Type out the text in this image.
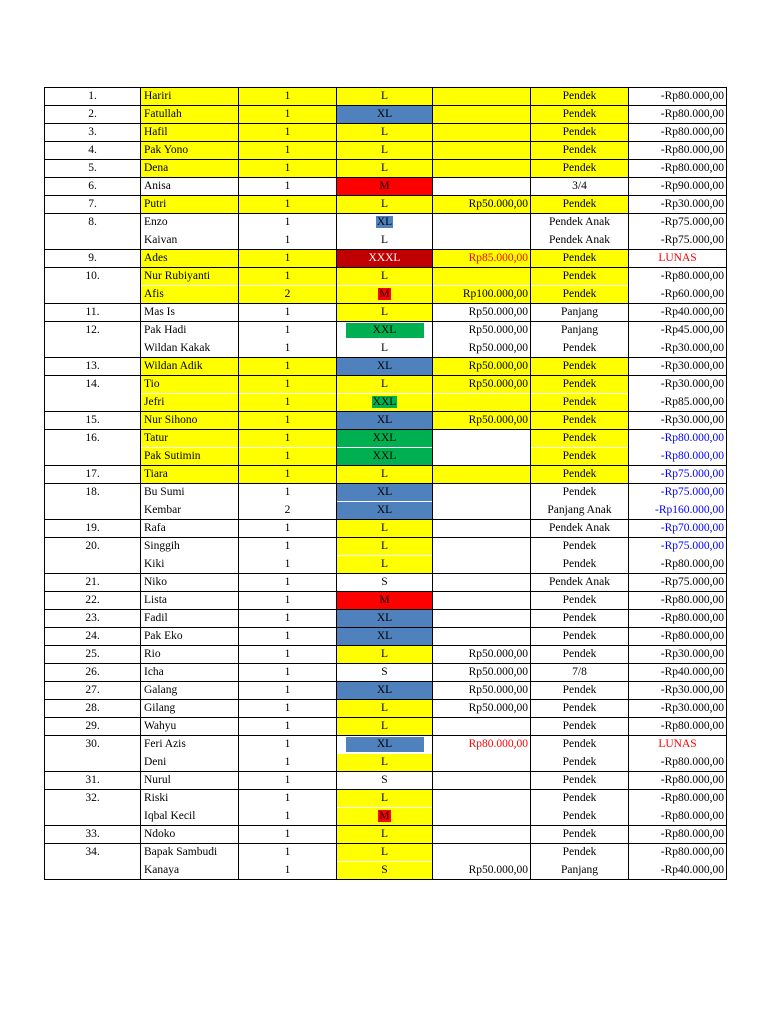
1.	Hariri	1	L		Pendek	-Rp80.000,00
2.	Fatullah	1	XL		Pendek	-Rp80.000,00
3.	Hafil	1	L		Pendek	-Rp80.000,00
4.	Pak Yono	1	L		Pendek	-Rp80.000,00
5.	Dena	1	L		Pendek	-Rp80.000,00
6.	Anisa	1	M		3/4	-Rp90.000,00
7.	Putri	1	L	Rp50.000,00	Pendek	-Rp30.000,00
8.	Enzo	1	XL		Pendek Anak	-Rp75.000,00
	Kaivan	1	L		Pendek Anak	-Rp75.000,00
9.	Ades	1	XXXL	Rp85.000,00	Pendek	LUNAS
10.	Nur Rubiyanti	1	L		Pendek	-Rp80.000,00
	Afis	2	M	Rp100.000,00	Pendek	-Rp60.000,00
11.	Mas Is	1	L	Rp50.000,00	Panjang	-Rp40.000,00
12.	Pak Hadi	1	XXL	Rp50.000,00	Panjang	-Rp45.000,00
	Wildan Kakak	1	L	Rp50.000,00	Pendek	-Rp30.000,00
13.	Wildan Adik	1	XL	Rp50.000,00	Pendek	-Rp30.000,00
14.	Tio	1	L	Rp50.000,00	Pendek	-Rp30.000,00
	Jefri	1	XXL		Pendek	-Rp85.000,00
15.	Nur Sihono	1	XL	Rp50.000,00	Pendek	-Rp30.000,00
16.	Tatur	1	XXL		Pendek	-Rp80.000,00
	Pak Sutimin	1	XXL		Pendek	-Rp80.000,00
17.	Tiara	1	L		Pendek	-Rp75.000,00
18.	Bu Sumi	1	XL		Pendek	-Rp75.000,00
	Kembar	2	XL		Panjang Anak	-Rp160.000,00
19.	Rafa	1	L		Pendek Anak	-Rp70.000,00
20.	Singgih	1	L		Pendek	-Rp75.000,00
	Kiki	1	L		Pendek	-Rp80.000,00
21.	Niko	1	S		Pendek Anak	-Rp75.000,00
22.	Lista	1	M		Pendek	-Rp80.000,00
23.	Fadil	1	XL		Pendek	-Rp80.000,00
24.	Pak Eko	1	XL		Pendek	-Rp80.000,00
25.	Rio	1	L	Rp50.000,00	Pendek	-Rp30.000,00
26.	Icha	1	S	Rp50.000,00	7/8	-Rp40.000,00
27.	Galang	1	XL	Rp50.000,00	Pendek	-Rp30.000,00
28.	Gilang	1	L	Rp50.000,00	Pendek	-Rp30.000,00
29.	Wahyu	1	L		Pendek	-Rp80.000,00
30.	Feri Azis	1	XL	Rp80.000,00	Pendek	LUNAS
	Deni	1	L		Pendek	-Rp80.000,00
31.	Nurul	1	S		Pendek	-Rp80.000,00
32.	Riski	1	L		Pendek	-Rp80.000,00
	Iqbal Kecil	1	M		Pendek	-Rp80.000,00
33.	Ndoko	1	L		Pendek	-Rp80.000,00
34.	Bapak Sambudi	1	L		Pendek	-Rp80.000,00
	Kanaya	1	S	Rp50.000,00	Panjang	-Rp40.000,00
